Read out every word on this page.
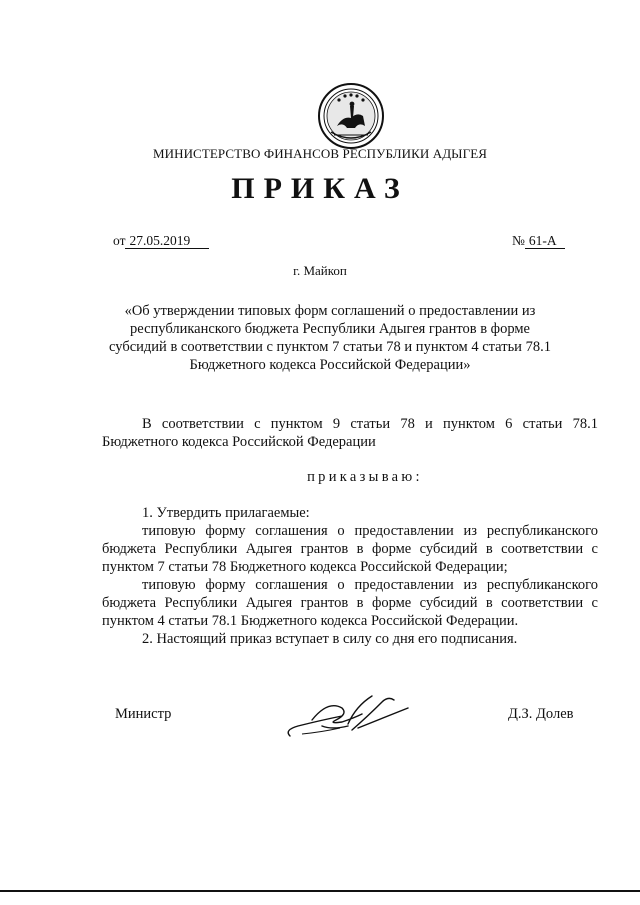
МИНИСТЕРСТВО ФИНАНСОВ РЕСПУБЛИКИ АДЫГЕЯ
ПРИКАЗ
от 27.05.2019	№ 61-А
г. Майкоп
«Об утверждении типовых форм соглашений о предоставлении из республиканского бюджета Республики Адыгея грантов в форме субсидий в соответствии с пунктом 7 статьи 78 и пунктом 4 статьи 78.1 Бюджетного кодекса Российской Федерации»
В соответствии с пунктом 9 статьи 78 и пунктом 6 статьи 78.1 Бюджетного кодекса Российской Федерации
приказываю:

1. Утвердить прилагаемые:

типовую форму соглашения о предоставлении из республиканского бюджета Республики Адыгея грантов в форме субсидий в соответствии с пунктом 7 статьи 78 Бюджетного кодекса Российской Федерации;

типовую форму соглашения о предоставлении из республиканского бюджета Республики Адыгея грантов в форме субсидий в соответствии с пунктом 4 статьи 78.1 Бюджетного кодекса Российской Федерации.

2. Настоящий приказ вступает в силу со дня его подписания.

Министр	Д.З. Долев
